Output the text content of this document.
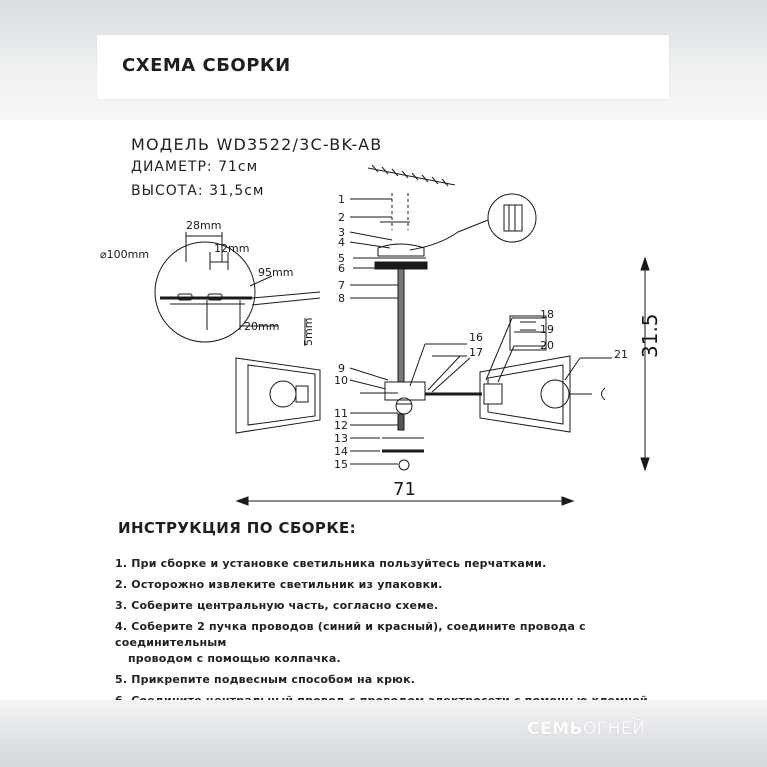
СХЕМА СБОРКИ
МОДЕЛЬ WD3522/3C-BK-AB
ДИАМЕТР: 71см
ВЫСОТА: 31,5см
1
2
3
4
5
6
7
8
9
10
11
12
13
14
15
16
17
18
19
20
21
⌀100mm
28mm
12mm
95mm
20mm 5mm
71
31.5
ИНСТРУКЦИЯ ПО СБОРКЕ:
1. При сборке и установке светильника пользуйтесь перчатками.
2. Осторожно извлеките светильник из упаковки.
3. Соберите центральную часть, согласно схеме.
4. Соберите 2 пучка проводов (синий и красный), соедините провода с соединительным
проводом с помощью колпачка.
5. Прикрепите подвесным способом на крюк.
СЕМЬОГНЕЙ
